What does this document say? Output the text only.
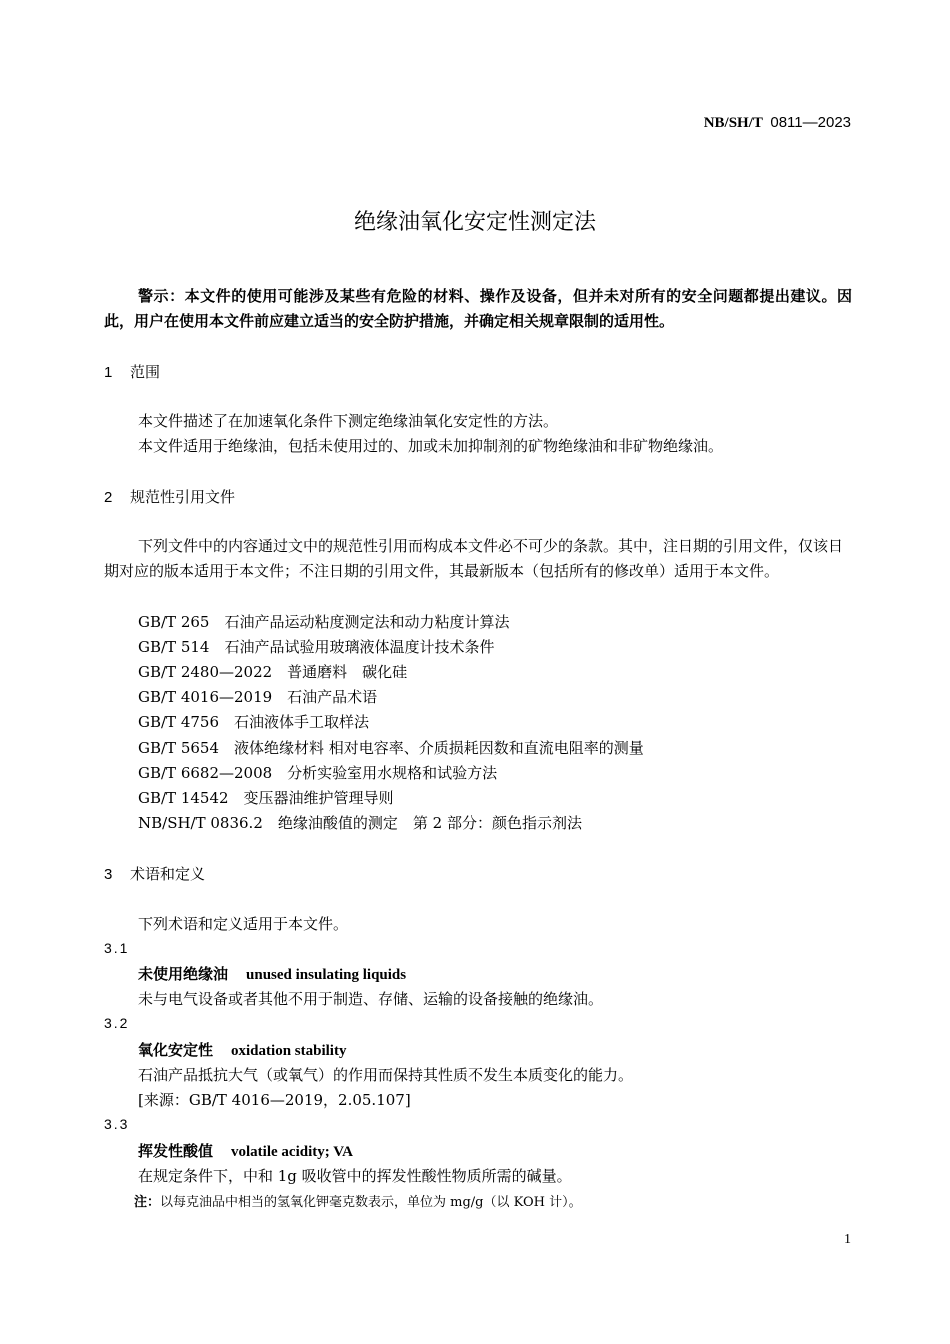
NB/SH/T 0811—2023
绝缘油氧化安定性测定法
警示：本文件的使用可能涉及某些有危险的材料、操作及设备，但并未对所有的安全问题都提出建议。因此，用户在使用本文件前应建立适当的安全防护措施，并确定相关规章限制的适用性。
1 范围
本文件描述了在加速氧化条件下测定绝缘油氧化安定性的方法。
本文件适用于绝缘油，包括未使用过的、加或未加抑制剂的矿物绝缘油和非矿物绝缘油。
2 规范性引用文件
下列文件中的内容通过文中的规范性引用而构成本文件必不可少的条款。其中，注日期的引用文件，仅该日期对应的版本适用于本文件；不注日期的引用文件，其最新版本（包括所有的修改单）适用于本文件。
GB/T 265　石油产品运动粘度测定法和动力粘度计算法
GB/T 514　石油产品试验用玻璃液体温度计技术条件
GB/T 2480—2022　普通磨料　碳化硅
GB/T 4016—2019　石油产品术语
GB/T 4756　石油液体手工取样法
GB/T 5654　液体绝缘材料 相对电容率、介质损耗因数和直流电阻率的测量
GB/T 6682—2008　分析实验室用水规格和试验方法
GB/T 14542　变压器油维护管理导则
NB/SH/T 0836.2　绝缘油酸值的测定　第 2 部分：颜色指示剂法
3 术语和定义
下列术语和定义适用于本文件。
3.1
未使用绝缘油 unused insulating liquids
未与电气设备或者其他不用于制造、存储、运输的设备接触的绝缘油。
3.2
氧化安定性 oxidation stability
石油产品抵抗大气（或氧气）的作用而保持其性质不发生本质变化的能力。
[来源：GB/T 4016—2019，2.05.107]
3.3
挥发性酸值 volatile acidity; VA
在规定条件下，中和 1g 吸收管中的挥发性酸性物质所需的碱量。
注：以每克油品中相当的氢氧化钾毫克数表示，单位为 mg/g（以 KOH 计）。
1
